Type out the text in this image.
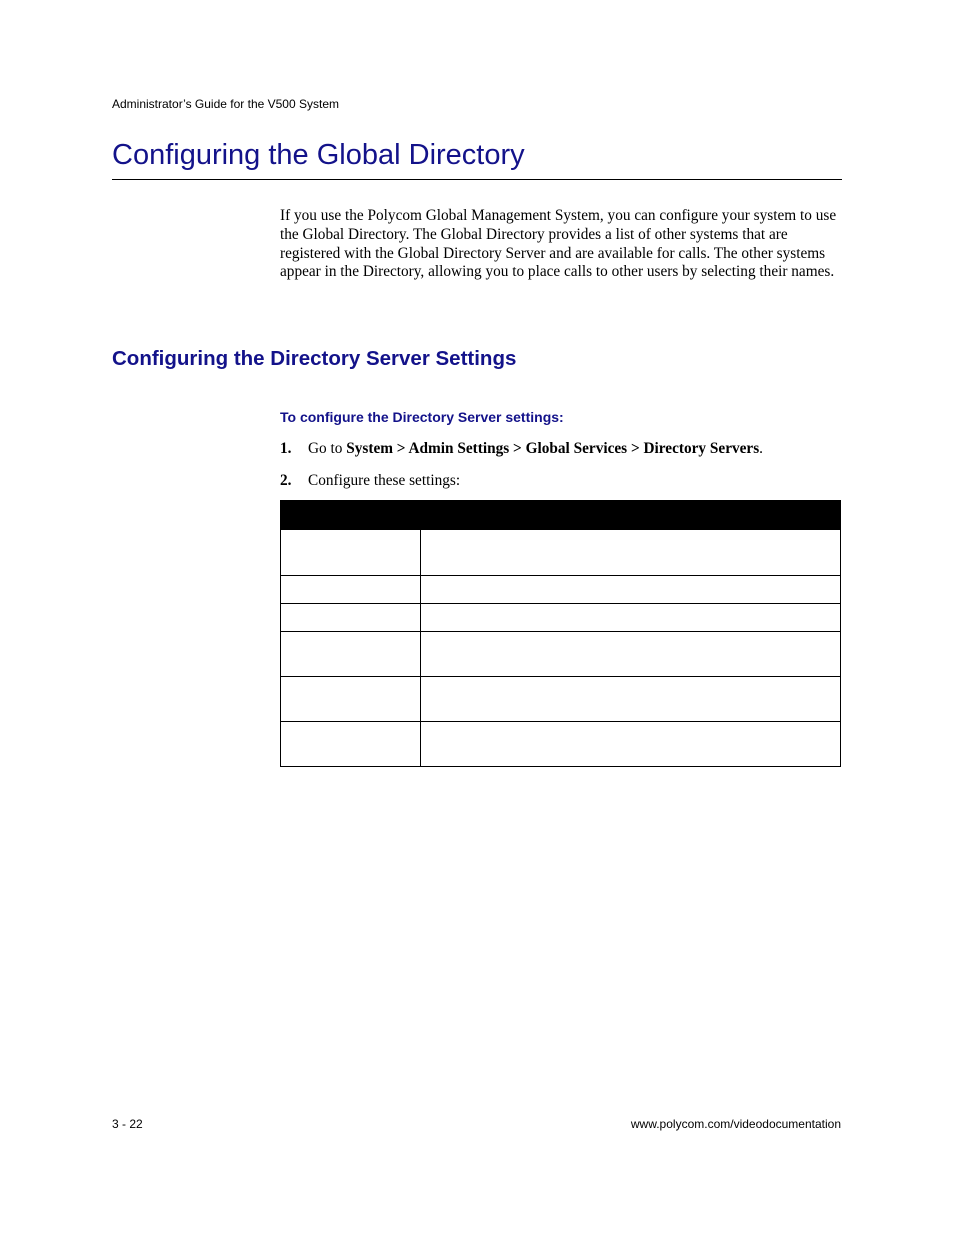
Administrator’s Guide for the V500 System
Configuring the Global Directory

If you use the Polycom Global Management System, you can configure your system to use the Global Directory. The Global Directory provides a list of other systems that are registered with the Global Directory Server and are available for calls. The other systems appear in the Directory, allowing you to place calls to other users by selecting their names.

Configuring the Directory Server Settings
To configure the Directory Server settings:
1. Go to System > Admin Settings > Global Services > Directory Servers.
2. Configure these settings:

3 - 22	www.polycom.com/videodocumentation
